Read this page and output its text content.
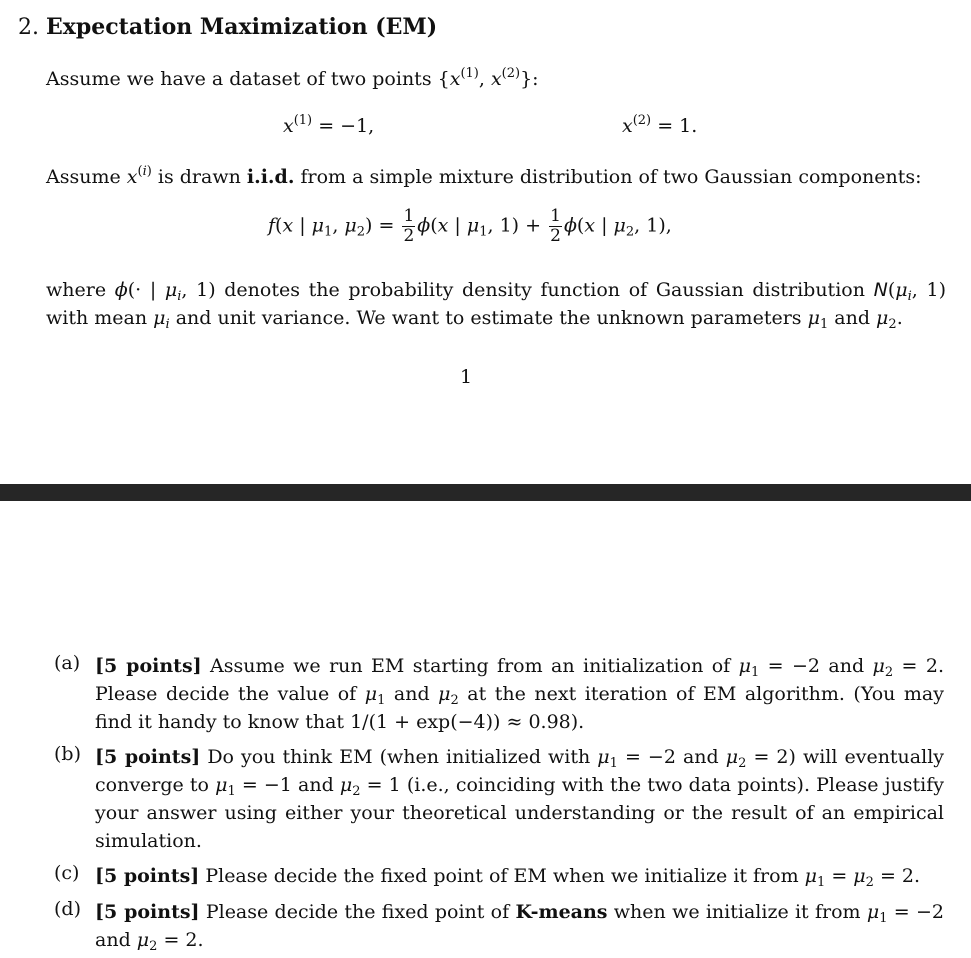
2. Expectation Maximization (EM)
Assume we have a dataset of two points {$x^{(1)}$, $x^{(2)}$}:
$x^{(1)} = -1$,	$x^{(2)} = 1$.
Assume $x^{(i)}$ is drawn i.i.d. from a simple mixture distribution of two Gaussian components:
f(x | $\mu_1$, $\mu_2) = \frac{1}{2} \phi(x$ | $\mu_1$, $1) + \frac{1}{2} \phi(x$ | $\mu_2$, 1),
where ϕ(· | $\mu_i$, 1) denotes the probability density function of Gaussian distribution $N(\mu_i$, 1) with mean $\mu_i$ and unit variance. We want to estimate the unknown parameters $\mu_1$ and $\mu_2$.
1
(a) [5 points] Assume we run EM starting from an initialization of $\mu_1 = -2$ and $\mu_2 = 2$. Please decide the value of $\mu_1$ and $\mu_2$ at the next iteration of EM algorithm. (You may find it handy to know that 1/(1 + exp(−4)) ≈ 0.98).
(b) [5 points] Do you think EM (when initialized with $\mu_1 = -2$ and $\mu_2 = 2$) will eventually converge to $\mu_1 = -1$ and $\mu_2 = 1$ (i.e., coinciding with the two data points). Please justify your answer using either your theoretical understanding or the result of an empirical simulation.
(c) [5 points] Please decide the fixed point of EM when we initialize it from $\mu_1 = \mu_2 = 2$.
(d) [5 points] Please decide the fixed point of K-means when we initialize it from $\mu_1 = -2$ and $\mu_2 = 2$.
